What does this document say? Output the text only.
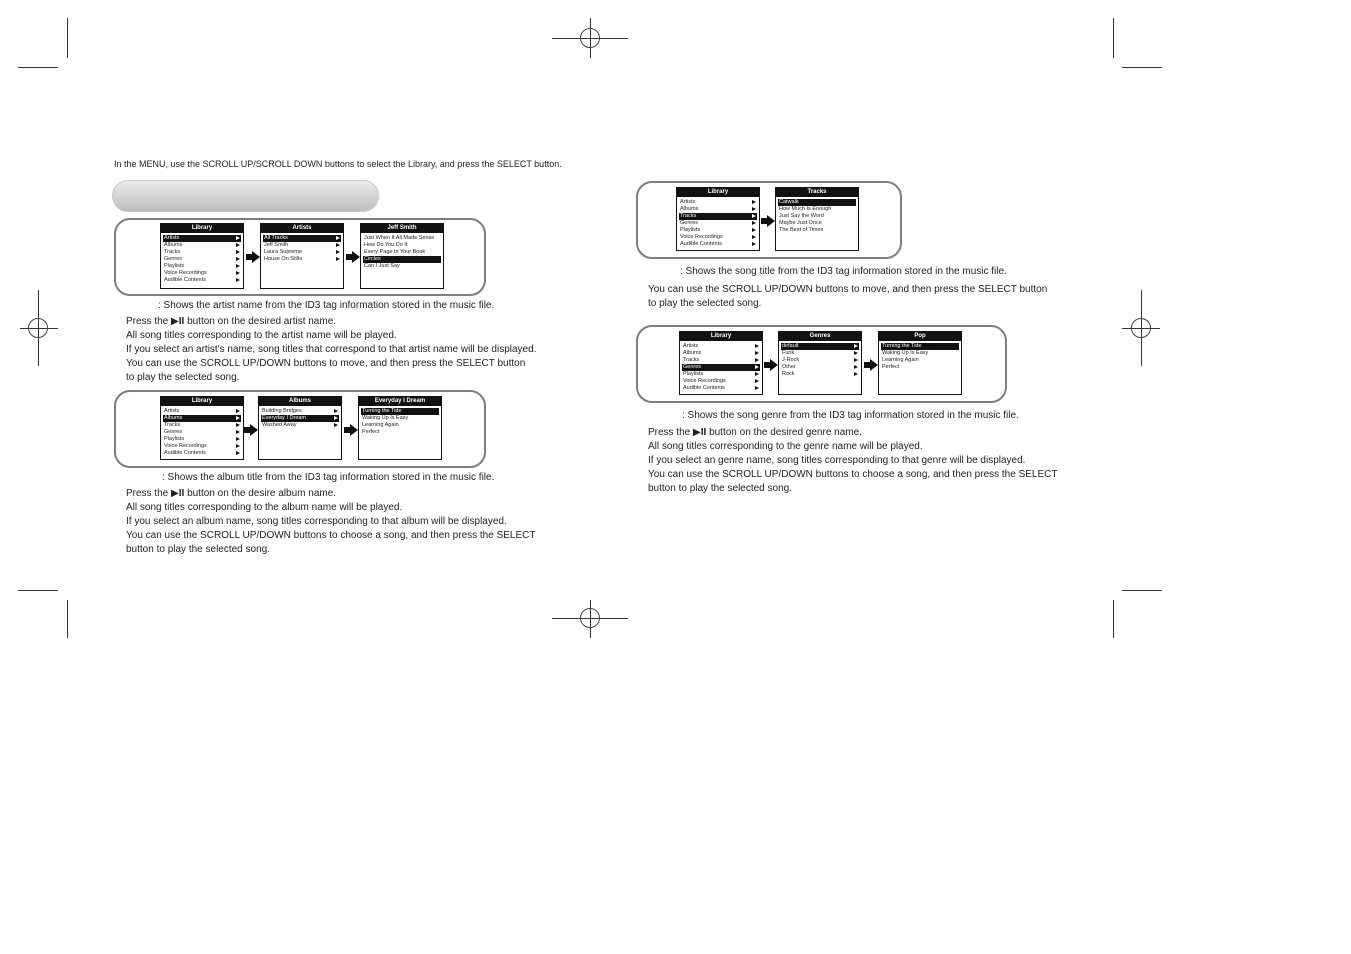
In the MENU, use the SCROLL UP/SCROLL DOWN buttons to select the Library, and press the SELECT button.
Library
Artists
Albums
Tracks
Genres
Playlists
Voice Recordings
Audible Contents
Artists
All Tracks
Jeff Smith
Laura Supreme
House On Stilts
Jeff Smith
Just When It All Made Sense
How Do You Do It
Every Page In Your Book
Circles
Can I Just Say
: Shows the artist name from the ID3 tag information stored in the music file.

Press the ▶II button on the desired artist name.

All song titles corresponding to the artist name will be played.

If you select an artist's name, song titles that correspond to that artist name will be displayed.

You can use the SCROLL UP/DOWN buttons to move, and then press the SELECT button

to play the selected song.

Library
Artists
Albums
Tracks
Genres
Playlists
Voice Recordings
Audible Contents
Albums
Building Bridges
Everyday I Dream
Washed Away
Everyday I Dream
Turning the Tide
Waking Up Is Easy
Learning Again
Perfect
: Shows the album title from the ID3 tag information stored in the music file.

Press the ▶II button on the desire album name.

All song titles corresponding to the album name will be played.

If you select an album name, song titles corresponding to that album will be displayed.

You can use the SCROLL UP/DOWN buttons to choose a song, and then press the SELECT

button to play the selected song.

Library
Artists
Albums
Tracks
Genres
Playlists
Voice Recordings
Audible Contents
Tracks
Catwalk
How Much Is Enough
Just Say the Word
Maybe Just Once
The Best of Times
: Shows the song title from the ID3 tag information stored in the music file.

You can use the SCROLL UP/DOWN buttons to move, and then press the SELECT button

to play the selected song.

Library
Artists
Albums
Tracks
Genres
Playlists
Voice Recordings
Audible Contents
Genres
default
Funk
J-Rock
Other
Rock
Pop
Turning the Tide
Waking Up Is Easy
Learning Again
Perfect
: Shows the song genre from the ID3 tag information stored in the music file.

Press the ▶II button on the desired genre name.

All song titles corresponding to the genre name will be played.

If you select an genre name, song titles corresponding to that genre will be displayed.

You can use the SCROLL UP/DOWN buttons to choose a song, and then press the SELECT

button to play the selected song.
